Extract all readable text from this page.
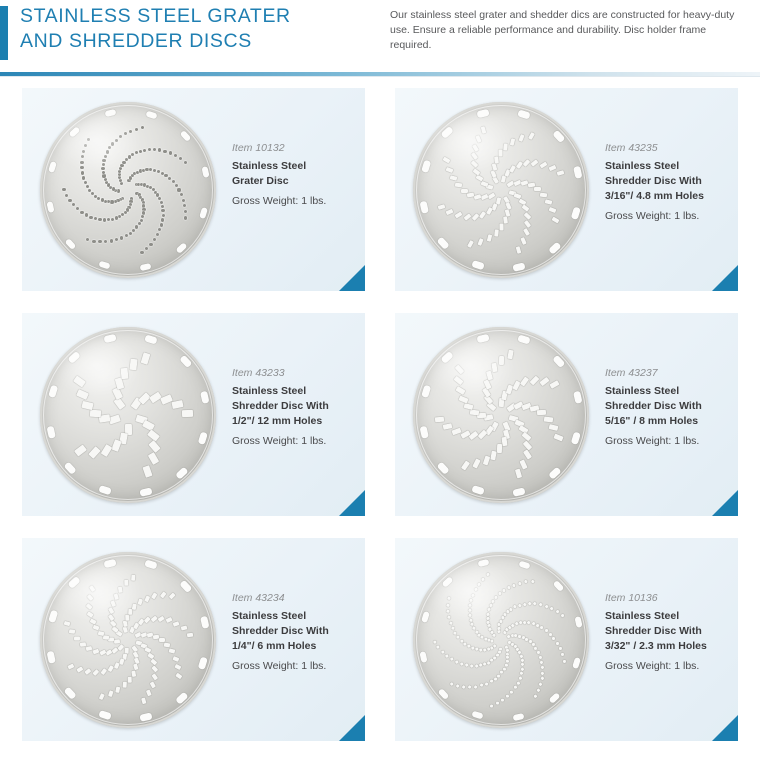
STAINLESS STEEL GRATER
AND SHREDDER DISCS
Our stainless steel grater and shedder dics are constructed for heavy-duty use. Ensure a reliable performance and durability. Disc holder frame required.
Item 10132
Stainless Steel
Grater Disc
Gross Weight: 1 lbs.
Item 43235
Stainless Steel
Shredder Disc With
3/16"/ 4.8 mm Holes
Gross Weight: 1 lbs.
Item 43233
Stainless Steel
Shredder Disc With
1/2"/ 12 mm Holes
Gross Weight: 1 lbs.
Item 43237
Stainless Steel
Shredder Disc With
5/16" / 8 mm Holes
Gross Weight: 1 lbs.
Item 43234
Stainless Steel
Shredder Disc With
1/4"/ 6 mm Holes
Gross Weight: 1 lbs.
Item 10136
Stainless Steel
Shredder Disc With
3/32" / 2.3 mm Holes
Gross Weight: 1 lbs.
